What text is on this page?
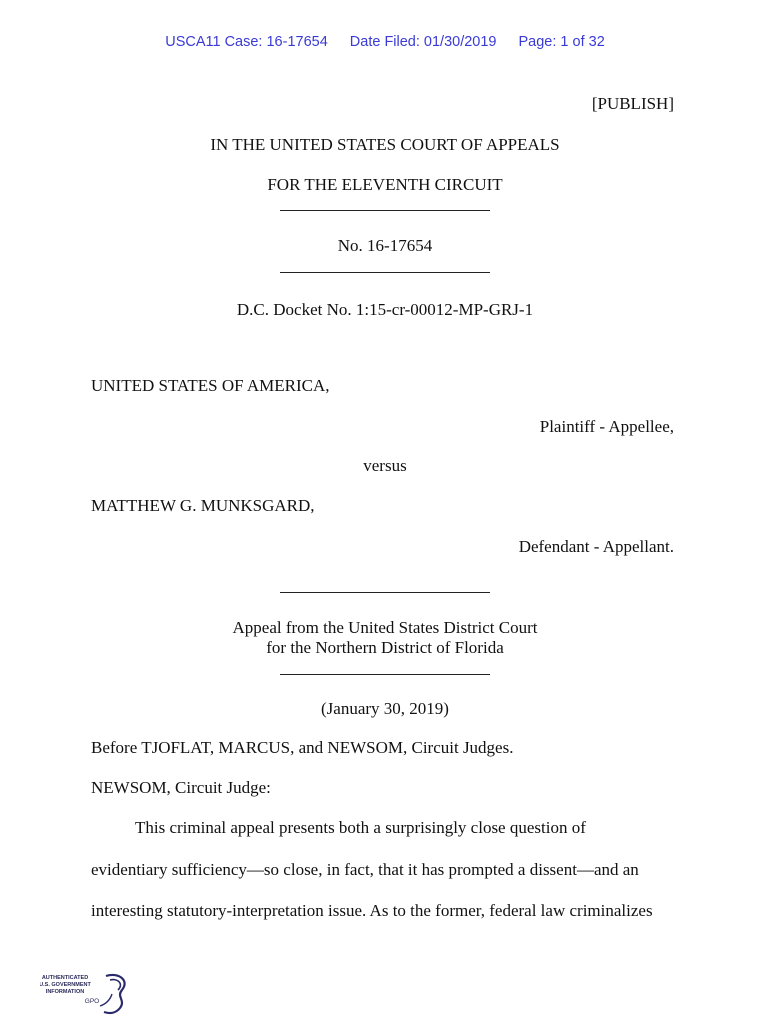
USCA11 Case: 16-17654 Date Filed: 01/30/2019 Page: 1 of 32
[PUBLISH]
IN THE UNITED STATES COURT OF APPEALS
FOR THE ELEVENTH CIRCUIT
No. 16-17654
D.C. Docket No. 1:15-cr-00012-MP-GRJ-1
UNITED STATES OF AMERICA,
Plaintiff - Appellee,
versus
MATTHEW G. MUNKSGARD,
Defendant - Appellant.
Appeal from the United States District Court
for the Northern District of Florida
(January 30, 2019)
Before TJOFLAT, MARCUS, and NEWSOM, Circuit Judges.
NEWSOM, Circuit Judge:
This criminal appeal presents both a surprisingly close question of
evidentiary sufficiency—so close, in fact, that it has prompted a dissent—and an
interesting statutory-interpretation issue. As to the former, federal law criminalizes
AUTHENTICATED
U.S. GOVERNMENT
INFORMATION
GPO
